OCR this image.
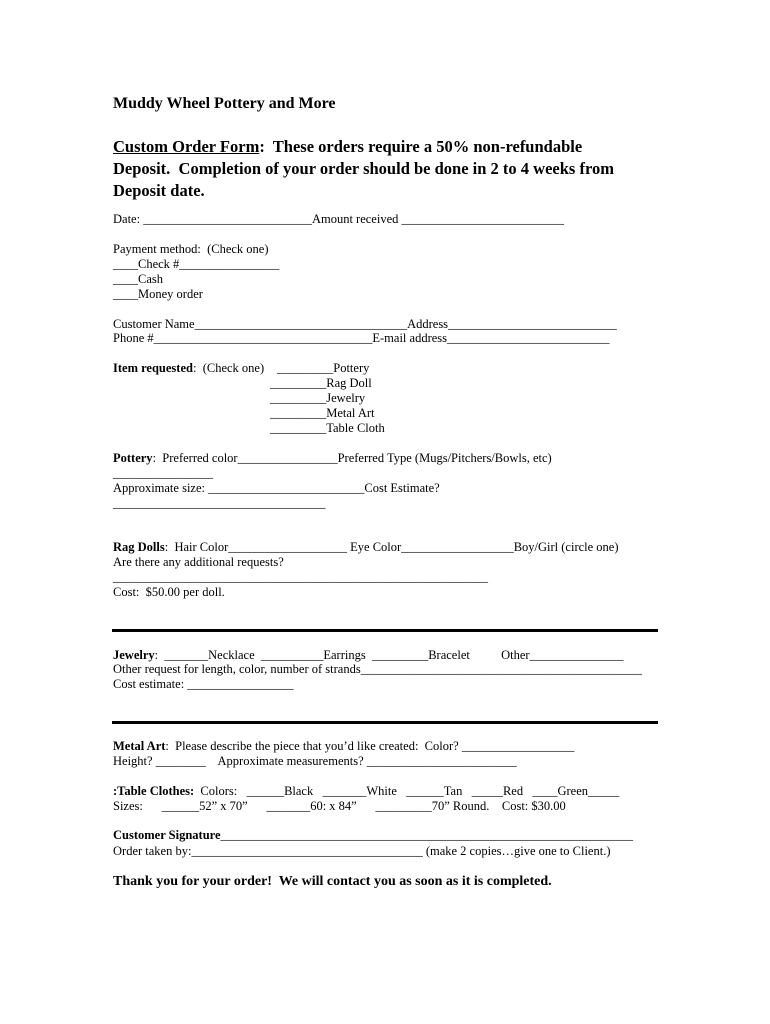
Muddy Wheel Pottery and More
Custom Order Form:  These orders require a 50% non-refundable
Deposit.  Completion of your order should be done in 2 to 4 weeks from
Deposit date.
Date: ___________________________Amount received __________________________
Payment method:  (Check one)
____Check #________________
____Cash
____Money order
Customer Name__________________________________Address___________________________
Phone #___________________________________E-mail address__________________________
Item requested:  (Check one) _________Pottery
_________Rag Doll
_________Jewelry
_________Metal Art
_________Table Cloth
Pottery:  Preferred color________________Preferred Type (Mugs/Pitchers/Bowls, etc)
________________
Approximate size: _________________________Cost Estimate?
__________________________________
Rag Dolls:  Hair Color___________________ Eye Color__________________Boy/Girl (circle one)
Are there any additional requests?
____________________________________________________________
Cost:  $50.00 per doll.
Jewelry:  _______Necklace  __________Earrings  _________Bracelet          Other_______________
Other request for length, color, number of strands_____________________________________________
Cost estimate: _________________
Metal Art:  Please describe the piece that you’d like created:  Color? __________________
Height? ________    Approximate measurements? ________________________
:Table Clothes:  Colors:   ______Black   _______White   ______Tan   _____Red   ____Green_____
Sizes:      ______52” x 70”      _______60: x 84”      _________70” Round.    Cost: $30.00
Customer Signature__________________________________________________________________
Order taken by:_____________________________________ (make 2 copies…give one to Client.)
Thank you for your order!  We will contact you as soon as it is completed.
